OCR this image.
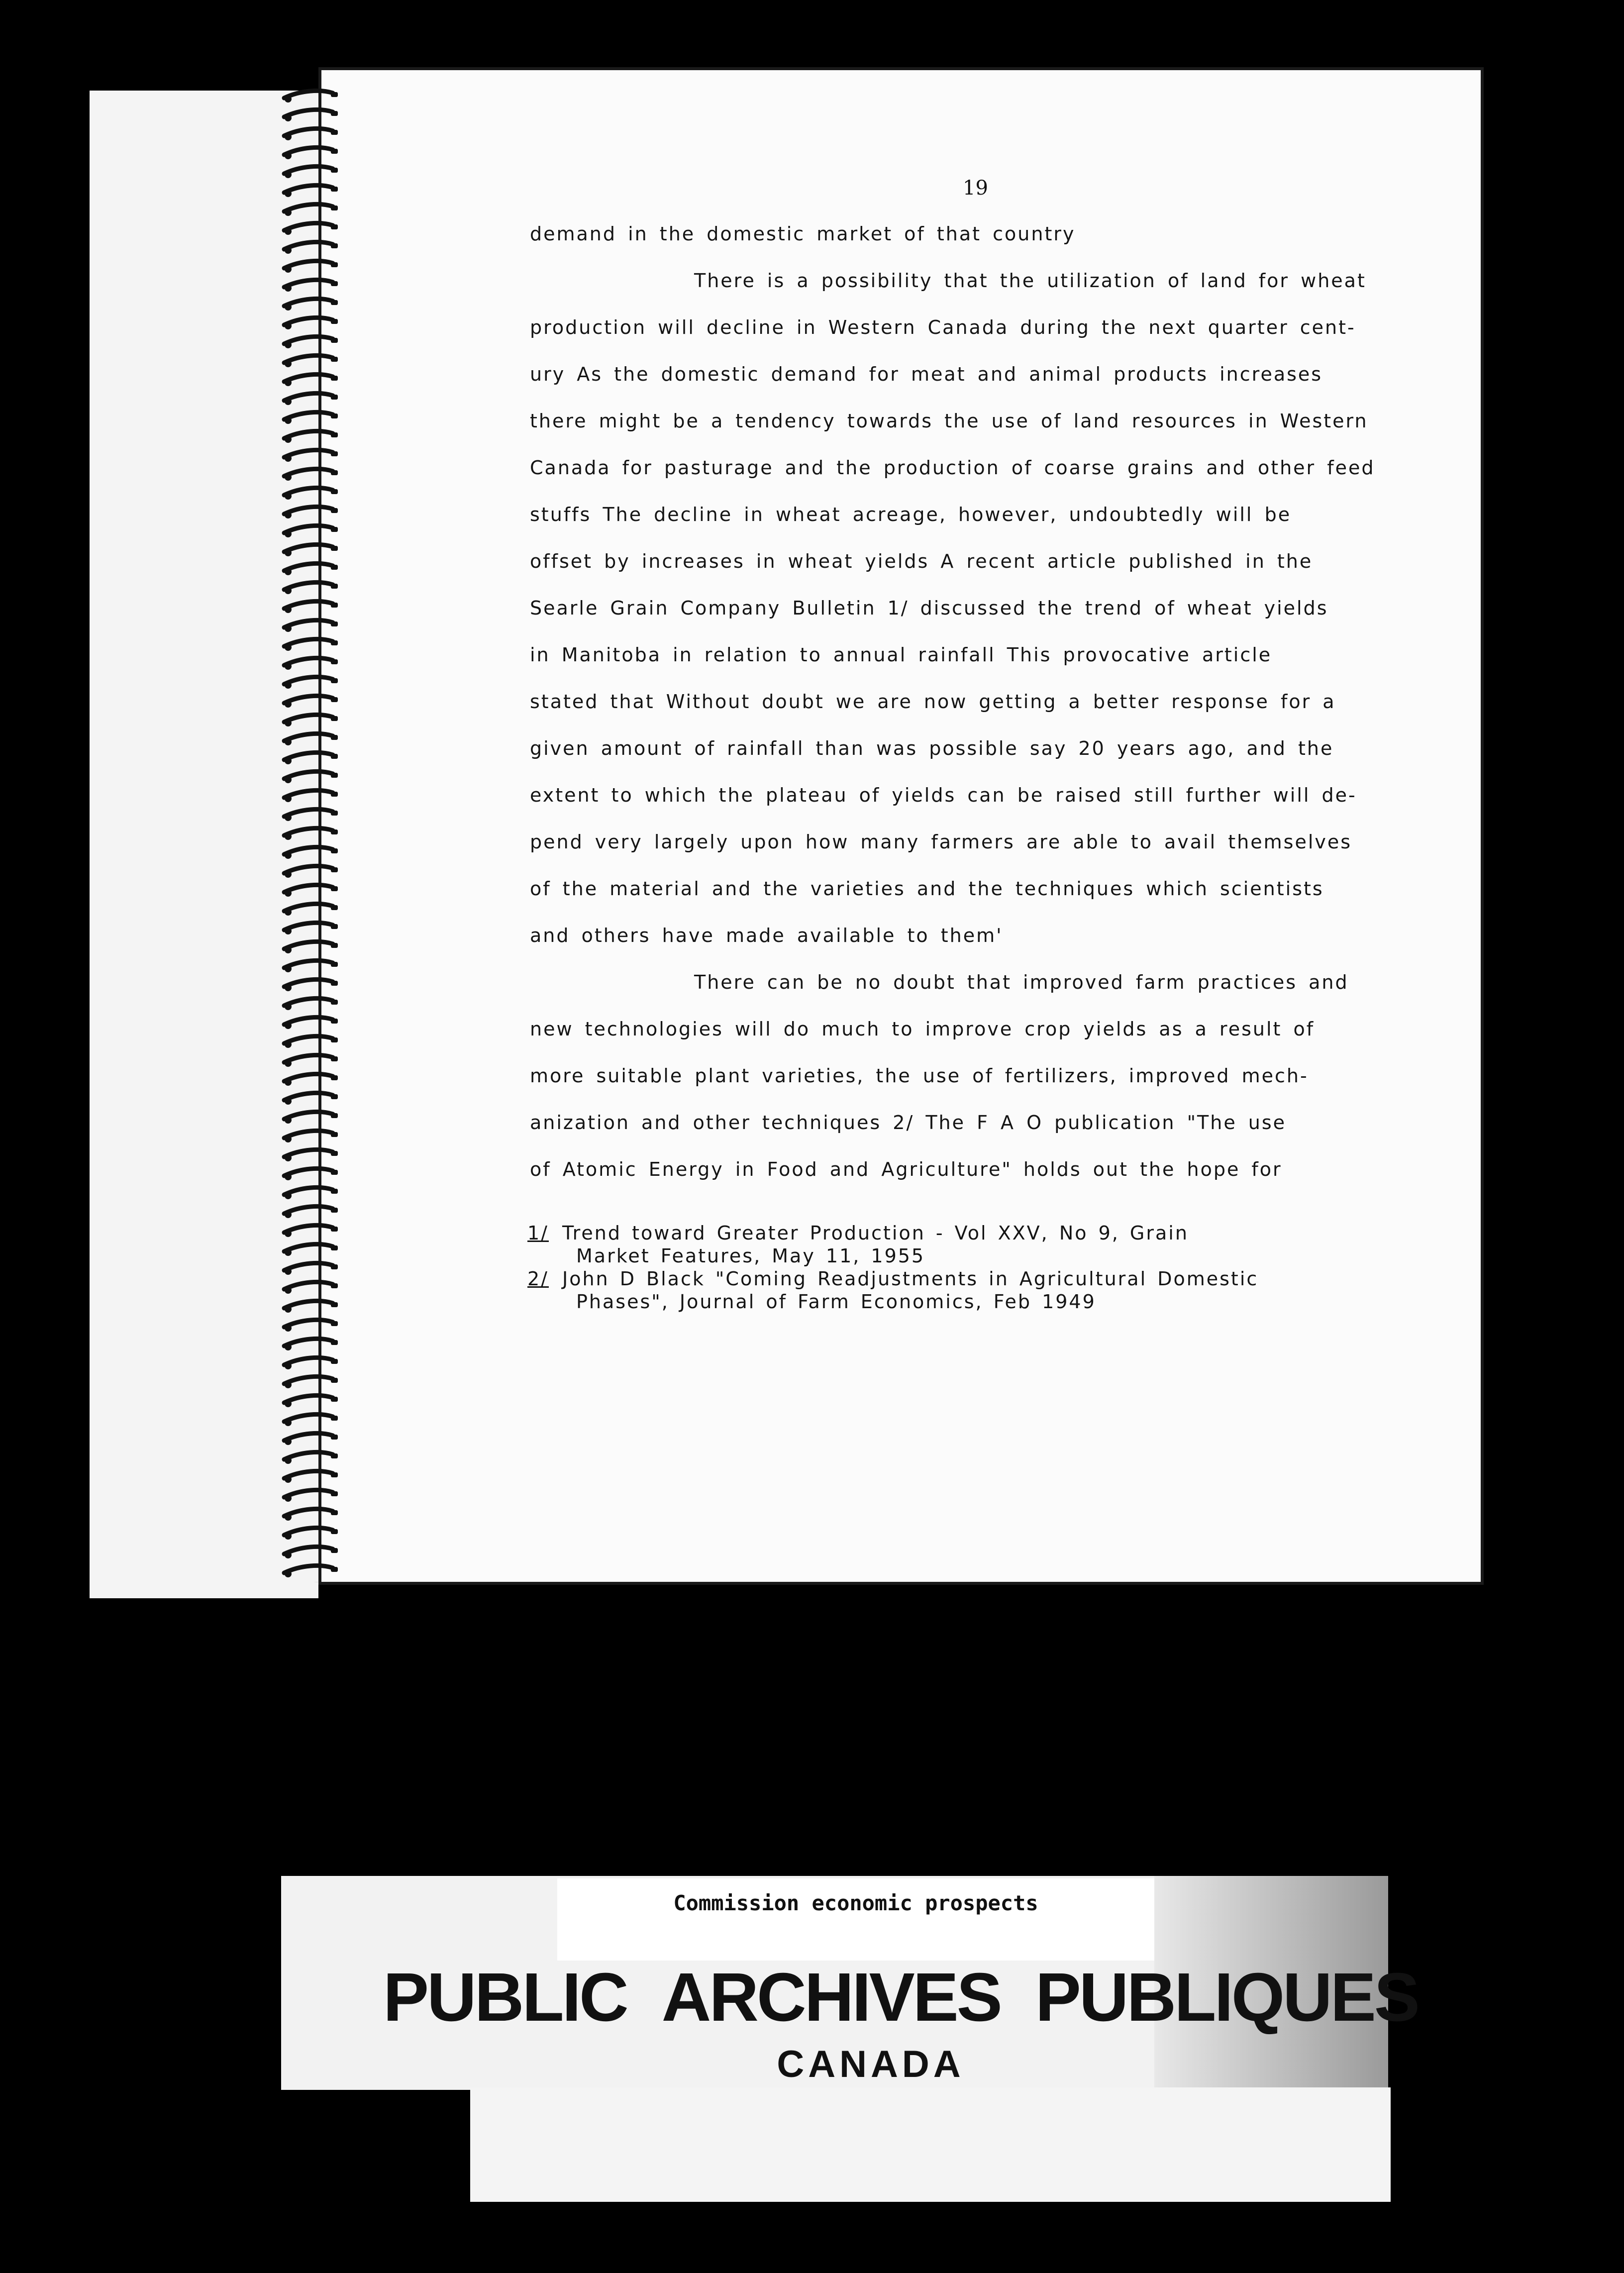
19
demand in the domestic market of that country
There is a possibility that the utilization of land for wheat
production will decline in Western Canada during the next quarter cent-
ury As the domestic demand for meat and animal products increases
there might be a tendency towards the use of land resources in Western
Canada for pasturage and the production of coarse grains and other feed
stuffs The decline in wheat acreage, however, undoubtedly will be
offset by increases in wheat yields A recent article published in the
Searle Grain Company Bulletin 1/ discussed the trend of wheat yields
in Manitoba in relation to annual rainfall This provocative article
stated that Without doubt we are now getting a better response for a
given amount of rainfall than was possible say 20 years ago, and the
extent to which the plateau of yields can be raised still further will de-
pend very largely upon how many farmers are able to avail themselves
of the material and the varieties and the techniques which scientists
and others have made available to them'
There can be no doubt that improved farm practices and
new technologies will do much to improve crop yields as a result of
more suitable plant varieties, the use of fertilizers, improved mech-
anization and other techniques 2/ The F A O publication "The use
of Atomic Energy in Food and Agriculture" holds out the hope for
1/ Trend toward Greater Production - Vol XXV, No 9, Grain
Market Features, May 11, 1955
2/ John D Black "Coming Readjustments in Agricultural Domestic
Phases", Journal of Farm Economics, Feb 1949
Commission economic prospects
PUBLIC ARCHIVES PUBLIQUES
CANADA
